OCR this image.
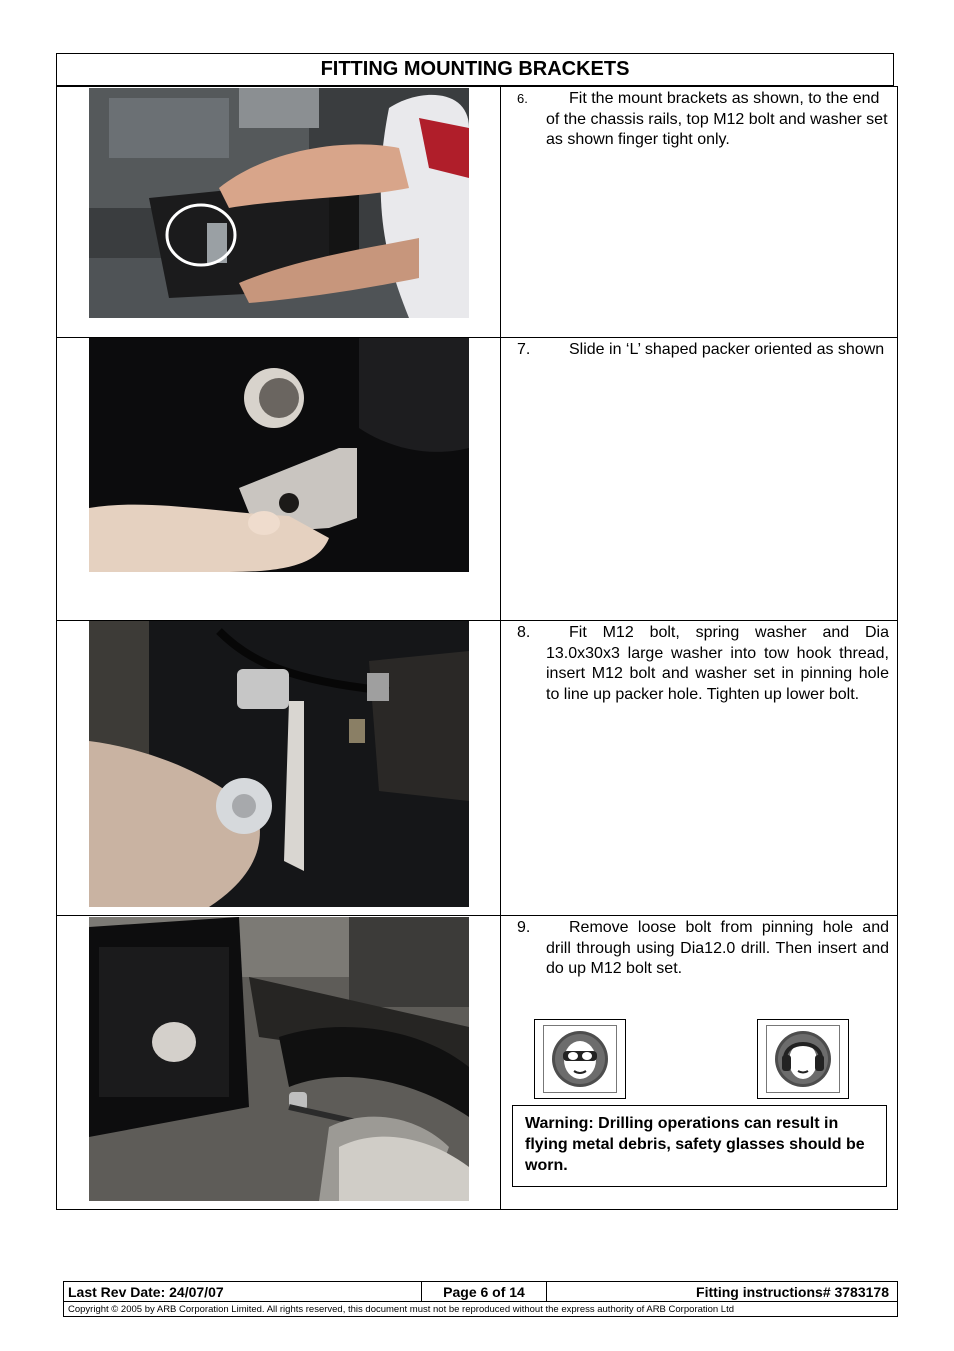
FITTING MOUNTING BRACKETS
6.	Fit the mount brackets as shown, to the end of the chassis rails, top M12 bolt and washer set as shown finger tight only.
7.	Slide in ‘L’ shaped packer oriented as shown
8.	Fit M12 bolt, spring washer and Dia 13.0x30x3 large washer into tow hook thread, insert M12 bolt and washer set in pinning hole to line up packer hole. Tighten up lower bolt.
9.	Remove loose bolt from pinning hole and drill through using Dia12.0 drill. Then insert and do up M12 bolt set.
Warning: Drilling operations can result in flying metal debris, safety glasses should be worn.
Last Rev Date: 24/07/07	Page 6 of 14	Fitting instructions# 3783178
Copyright © 2005 by ARB Corporation Limited. All rights reserved, this document must not be reproduced without the express authority of ARB Corporation Ltd
